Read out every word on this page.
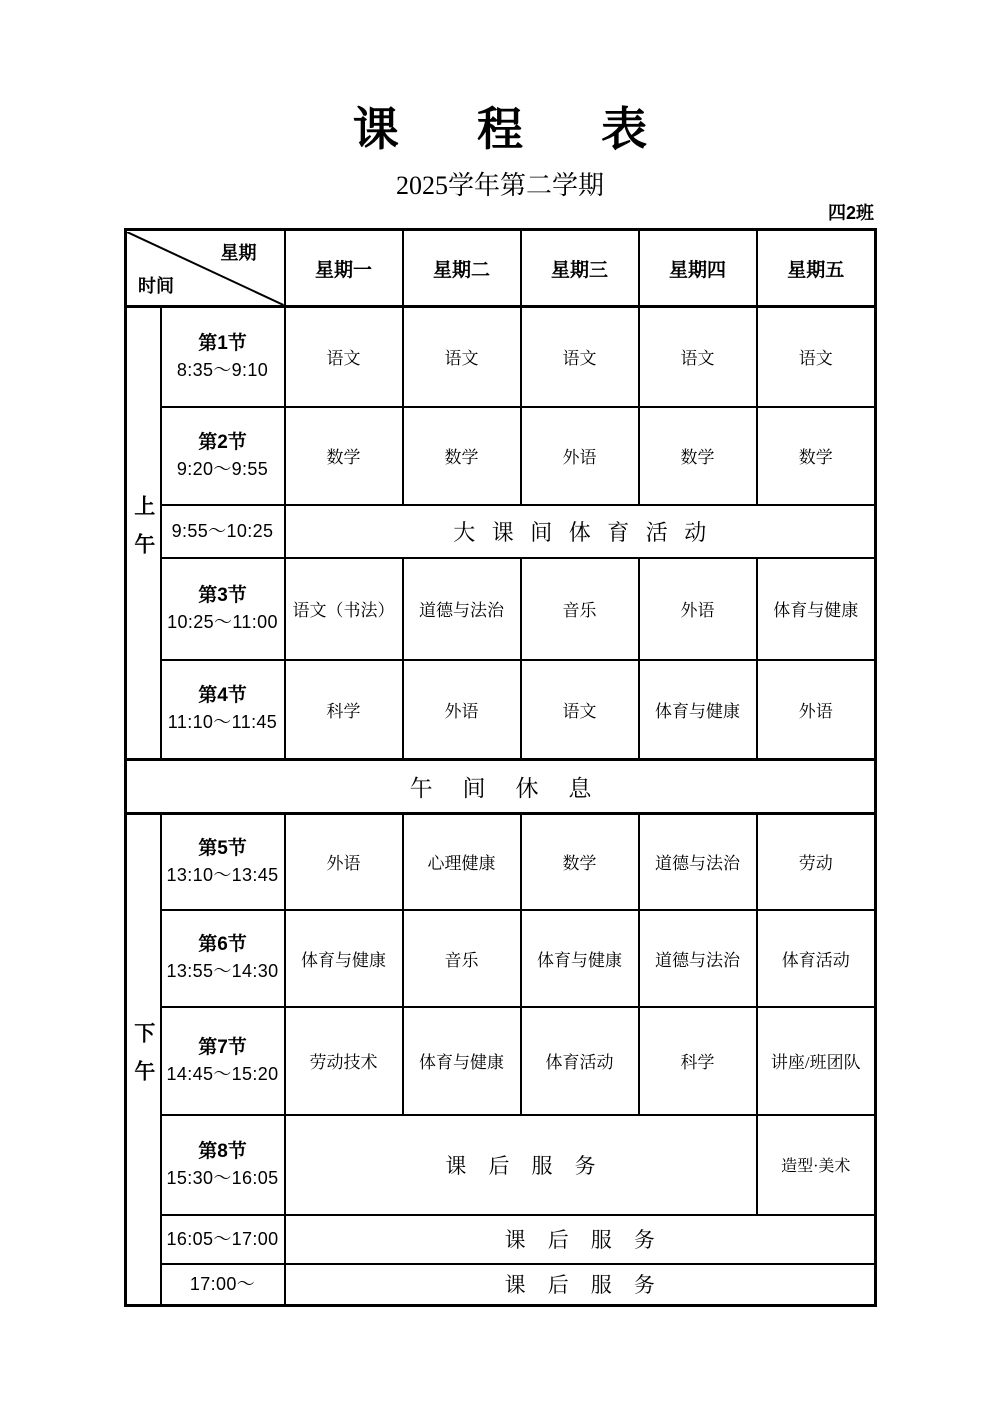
课程表
2025学年第二学期
四2班
星期
时间		星期一	星期二	星期三	星期四	星期五

上午	第1节
8:35～9:10	语文	语文	语文	语文	语文

	第2节
9:20～9:55	数学	数学	外语	数学	数学

	9:55～10:25	大课间体育活动				

	第3节
10:25～11:00	语文（书法）	道德与法治	音乐	外语	体育与健康

	第4节
11:10～11:45	科学	外语	语文	体育与健康	外语
午间休息						

下午	第5节
13:10～13:45	外语	心理健康	数学	道德与法治	劳动

	第6节
13:55～14:30	体育与健康	音乐	体育与健康	道德与法治	体育活动

	第7节
14:45～15:20	劳动技术	体育与健康	体育活动	科学	讲座/班团队

	第8节
15:30～16:05	课后服务				造型·美术

	16:05～17:00	课后服务				

	17:00～	课后服务				
